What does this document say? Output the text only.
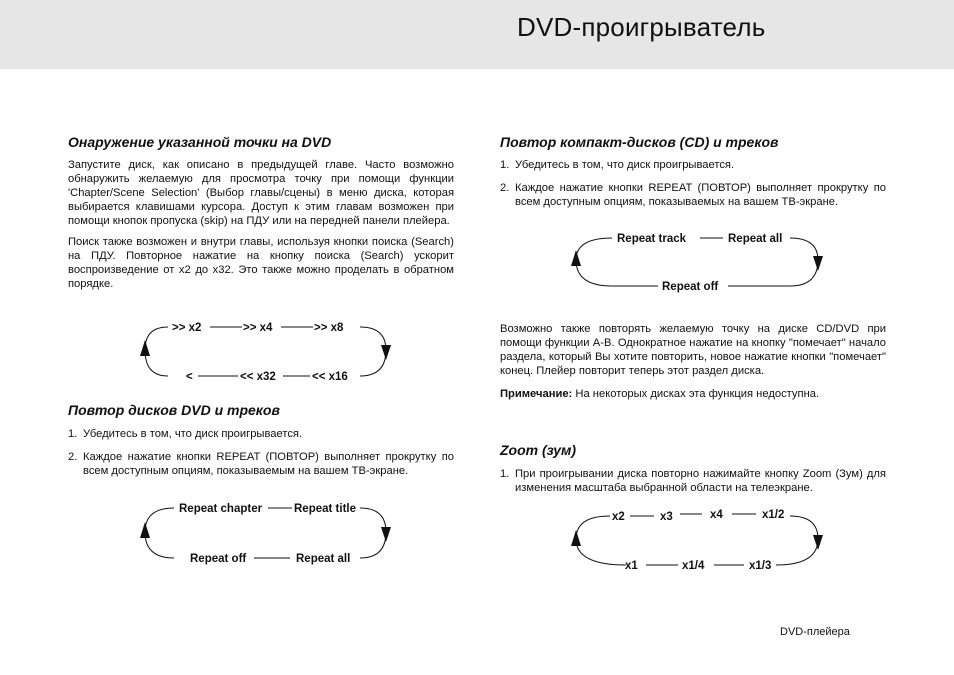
DVD-проигрыватель
Онаружение указанной точки на DVD

Запустите диск, как описано в предыдущей главе. Часто возможно обнаружить желаемую для просмотра точку при помощи функции 'Chapter/Scene Selection' (Выбор главы/сцены) в меню диска, которая выбирается клавишами курсора. Доступ к этим главам возможен при помощи кнопок пропуска (skip) на ПДУ или на передней панели плейера.

Поиск также возможен и внутри главы, используя кнопки поиска (Search) на ПДУ. Повторное нажатие на кнопку поиска (Search) ускорит воспроизведение от x2 до x32. Это также можно проделать в обратном порядке.

>> x2	>> x4	>> x8
<	<< x32	<< x16
Повтор дисков DVD и треков
1. Убедитесь в том, что диск проигрывается.
2. Каждое нажатие кнопки REPEAT (ПОВТОР) выполняет прокрутку по всем доступным опциям, показываемым на вашем ТВ-экране.
Repeat chapter	Repeat title
Repeat off	Repeat all
Повтор компакт-дисков (CD) и треков
1. Убедитесь в том, что диск проигрывается.
2. Каждое нажатие кнопки REPEAT (ПОВТОР) выполняет прокрутку по всем доступным опциям, показываемых на вашем ТВ-экране.
Repeat track	Repeat all
Repeat off

Возможно также повторять желаемую точку на диске CD/DVD при помощи функции A-B. Однократное нажатие на кнопку "помечает" начало раздела, который Вы хотите повторить, новое нажатие кнопки "помечает" конец. Плейер повторит теперь этот раздел диска.

Примечание: На некоторых дисках эта функция недоступна.

Zoom (зум)
1. При проигрывании диска повторно нажимайте кнопку Zoom (Зум) для изменения масштаба выбранной области на телеэкране.
x2	x3	x4	x1/2
x1	x1/4	x1/3
DVD-плейера
